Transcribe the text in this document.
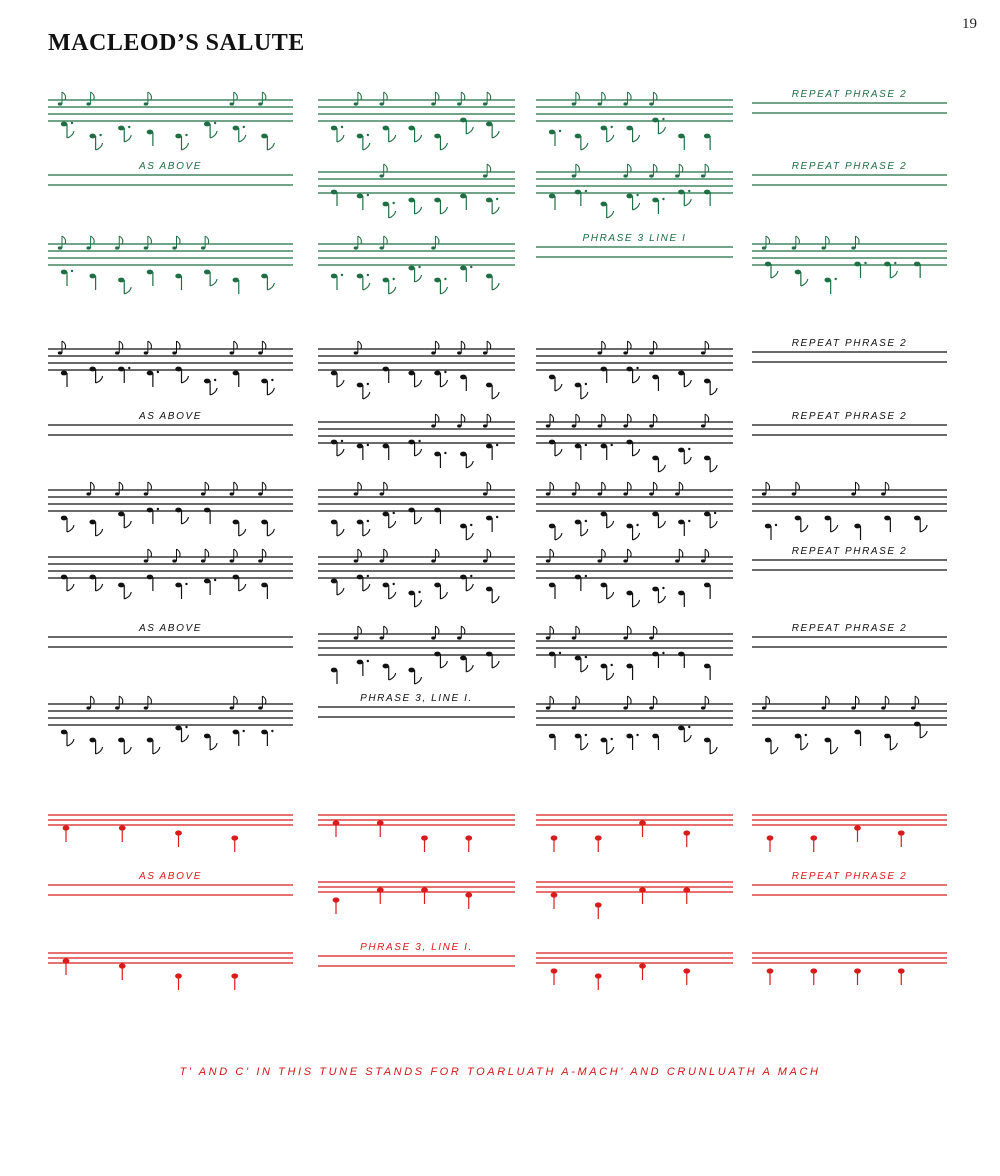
19
MACLEOD’S SALUTE
REPEAT PHRASE 2
AS ABOVE	REPEAT PHRASE 2
PHRASE 3 LINE I
REPEAT PHRASE 2
AS ABOVE	REPEAT PHRASE 2
REPEAT PHRASE 2
AS ABOVE	REPEAT PHRASE 2
PHRASE 3, LINE I.
AS ABOVE	REPEAT PHRASE 2
PHRASE 3, LINE I.
T' AND C' IN THIS TUNE STANDS FOR TOARLUATH A-MACH' AND CRUNLUATH A MACH
